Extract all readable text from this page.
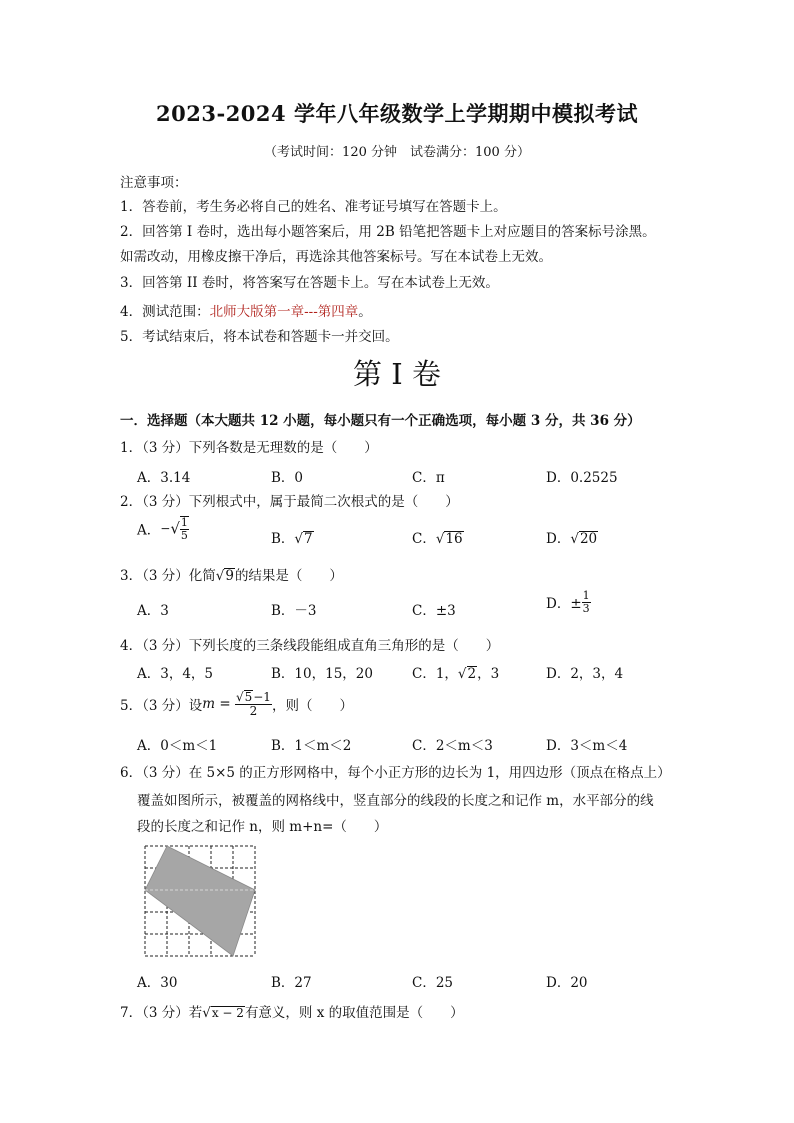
2023-2024 学年八年级数学上学期期中模拟考试
（考试时间：120 分钟　试卷满分：100 分）
注意事项：
1．答卷前，考生务必将自己的姓名、准考证号填写在答题卡上。
2．回答第 I 卷时，选出每小题答案后，用 2B 铅笔把答题卡上对应题目的答案标号涂黑。
如需改动，用橡皮擦干净后，再选涂其他答案标号。写在本试卷上无效。
3．回答第 II 卷时，将答案写在答题卡上。写在本试卷上无效。
4．测试范围：北师大版第一章---第四章。
5．考试结束后，将本试卷和答题卡一并交回。
第 I 卷
一．选择题（本大题共 12 小题，每小题只有一个正确选项，每小题 3 分，共 36 分）
1．（3 分）下列各数是无理数的是（　　）
A．3.14	B．0	C．π	D．0.2525
2．（3 分）下列根式中，属于最简二次根式的是（　　）
A．−√ $\frac{1}{5}$	B．√7	C．√16	D．√20
3．（3 分）化简√9的结果是（　　）
A．3	B．－3	C．±3	D．± $\frac{1}{3}$
4．（3 分）下列长度的三条线段能组成直角三角形的是（　　）
A．3，4，5	B．10，15，20	C．1，√2，3	D．2，3，4
5．（3 分）设$m = \frac{√5-1}{2}$ ，则（　　）
A．0＜m＜1	B．1＜m＜2	C．2＜m＜3	D．3＜m＜4
6．（3 分）在 5×5 的正方形网格中，每个小正方形的边长为 1，用四边形（顶点在格点上）
覆盖如图所示，被覆盖的网格线中，竖直部分的线段的长度之和记作 m，水平部分的线
段的长度之和记作 n，则 m+n=（　　）
A．30	B．27	C．25	D．20
7．（3 分）若√x − 2有意义，则 x 的取值范围是（　　）
